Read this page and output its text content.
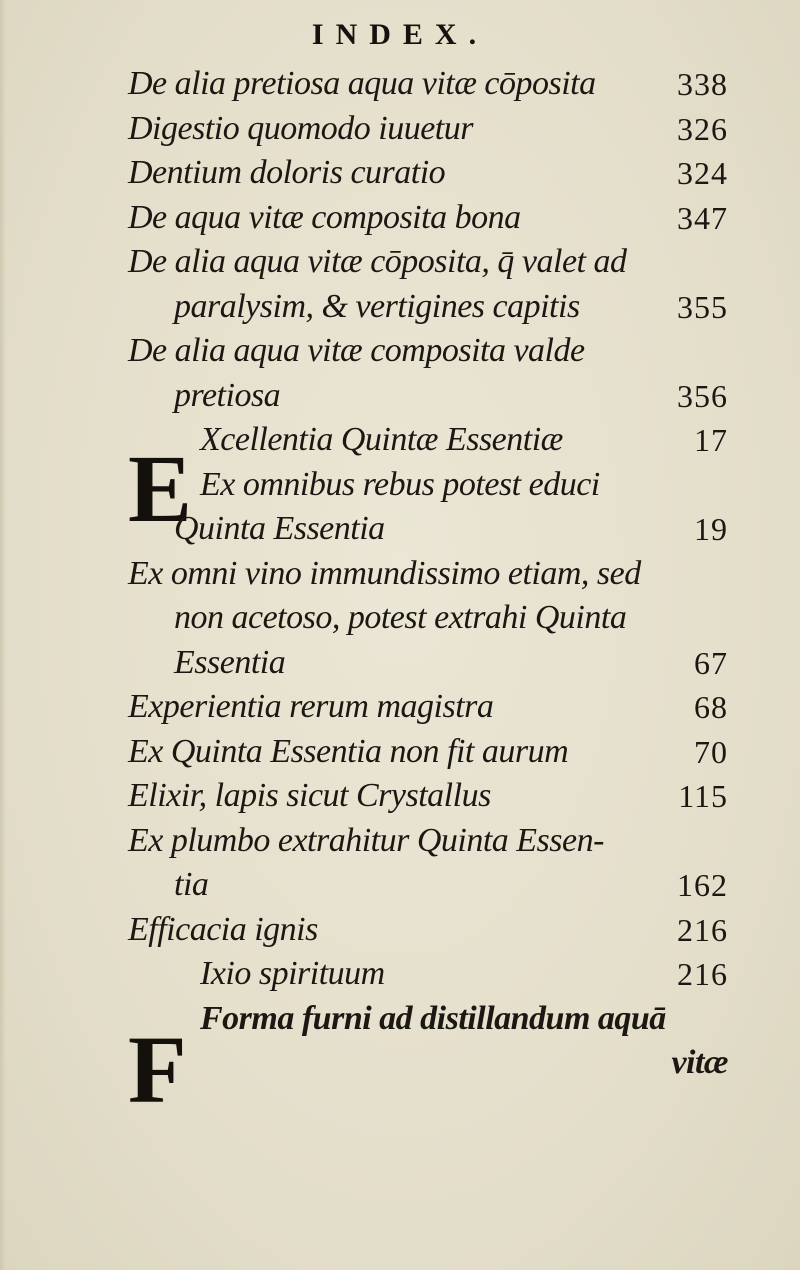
INDEX.
E
F
De alia pretiosa aqua vitæ cōposita	338
Digestio quomodo iuuetur	326
Dentium doloris curatio	324
De aqua vitæ composita bona	347
De alia aqua vitæ cōposita, q̄ valet ad
paralysim, & vertigines capitis	355
De alia aqua vitæ composita valde
pretiosa	356
Xcellentia Quintæ Essentiæ	17
Ex omnibus rebus potest educi
Quinta Essentia	19
Ex omni vino immundissimo etiam, sed
non acetoso, potest extrahi Quinta
Essentia	67
Experientia rerum magistra	68
Ex Quinta Essentia non fit aurum	70
Elixir, lapis sicut Crystallus	115
Ex plumbo extrahitur Quinta Essen-
tia	162
Efficacia ignis	216
Ixio spirituum	216
Forma furni ad distillandum aquā
vitæ
